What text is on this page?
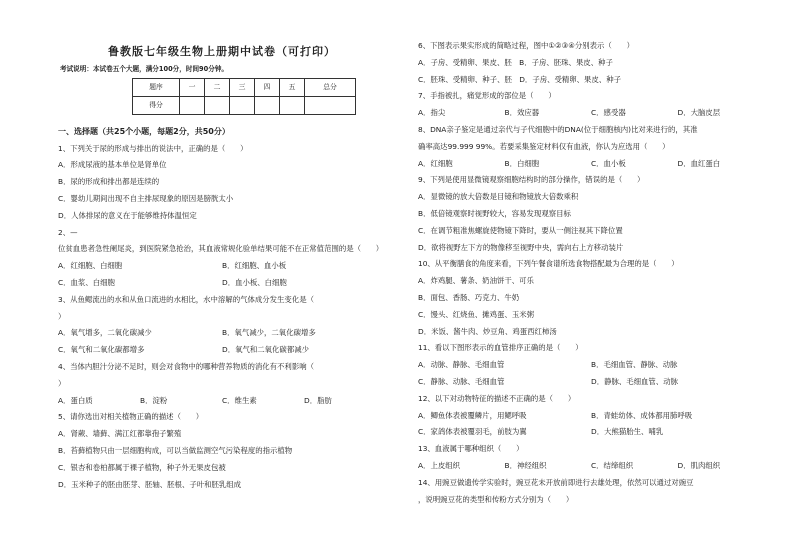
鲁教版七年级生物上册期中试卷（可打印）
考试说明：本试卷五个大题，满分100分，时间90分钟。
题序	一	二	三	四	五	总分
得分						
一、选择题（共25个小题，每题2分，共50分）
1、下列关于尿的形成与排出的说法中，正确的是（　　）
A．形成尿液的基本单位是肾单位
B．尿的形成和排出都是连续的
C．婴幼儿期间出现不自主排尿现象的原因是膀胱太小
D．人体排尿的意义在于能够维持体温恒定
2、—
位贫血患者急性阑尾炎，到医院紧急抢治，其血液常规化验单结果可能不在正常值范围的是（　　）
A．红细胞、白细胞	B．红细胞、血小板
C．血浆、白细胞	D．血小板、白细胞
3、从鱼鳃流出的水和从鱼口流进的水相比，水中溶解的气体成分发生变化是（
）
A．氧气增多，二氧化碳减少	B．氧气减少，二氧化碳增多
C．氧气和二氧化碳都增多	D．氧气和二氧化碳都减少
4、当体内胆汁分泌不足时，则会对食物中的哪种营养物质的消化有不利影响（
）
A．蛋白质	B．淀粉	C．维生素	D．脂肪
5、请你选出对相关植物正确的描述（　　）
A．肾蕨、墙藓、满江红都靠孢子繁殖
B．苔藓植物只由一层细胞构成，可以当做监测空气污染程度的指示植物
C．银杏和卷柏都属于裸子植物，种子外无果皮包被
D．玉米种子的胚由胚芽、胚轴、胚根、子叶和胚乳组成
6、下图表示果实形成的简略过程，图中①②③④分别表示（　　）
A．子房、受精卵、果皮、胚　B．子房、胚珠、果皮、种子
C．胚珠、受精卵、种子、胚　D．子房、受精卵、果皮、种子
7、手指被扎，痛觉形成的部位是（　　）
A．指尖	B．效应器	C．感受器	D．大脑皮层
8、DNA亲子鉴定是通过亲代与子代细胞中的DNA(位于细胞核内)比对来进行的，其准
确率高达99.999 99%。若要采集鉴定材料仅有血液，你认为应选用（　　）
A．红细胞	B．白细胞	C．血小板	D．血红蛋白
9、下列是使用显微镜观察细胞结构时的部分操作，错误的是（　　）
A．显微镜的放大倍数是目镜和物镜放大倍数乘积
B．低倍镜观察时视野较大，容易发现观察目标
C．在调节粗准焦螺旋使物镜下降时，要从一侧注视其下降位置
D．欲将视野左下方的物像移至视野中央，需向右上方移动装片
10、从平衡膳食的角度来看，下列午餐食谱所选食物搭配最为合理的是（　　）
A．炸鸡腿、薯条、奶油饼干、可乐
B．面包、香肠、巧克力、牛奶
C．馒头、红烧鱼、摊鸡蛋、玉米粥
D．米饭、酱牛肉、炒豆角、鸡蛋西红柿汤
11、看以下图形表示的血管排序正确的是（　　）
A．动脉、静脉、毛细血管	B．毛细血管、静脉、动脉
C．静脉、动脉、毛细血管	D．静脉、毛细血管、动脉
12、以下对动物特征的描述不正确的是（　　）
A．鲫鱼体表被覆鳞片，用鳃呼吸	B．青蛙幼体、成体都用肺呼吸
C．家鸽体表被覆羽毛，前肢为翼	D．大熊猫胎生、哺乳
13、血液属于哪种组织（　　）
A．上皮组织	B．神经组织	C．结缔组织	D．肌肉组织
14、用豌豆做遗传学实验时，豌豆花未开放前即进行去雄处理，依然可以通过对豌豆
，说明豌豆花的类型和传粉方式分别为（　　）
